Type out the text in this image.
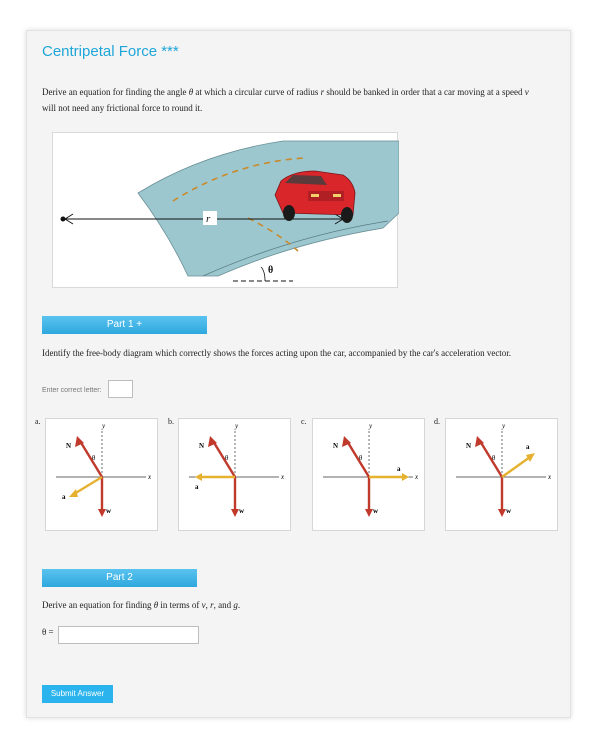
Centripetal Force ***
Derive an equation for finding the angle θ at which a circular curve of radius r should be banked in order that a car moving at a speed v will not need any frictional force to round it.
r
θ
Part 1 +
Identify the free-body diagram which correctly shows the forces acting upon the car, accompanied by the car's acceleration vector.
Enter correct letter:
a.	b.	c.	d.
y
x
N
θ
w
a
y
x
N
θ
w
a
y
x
N
θ
w
a
y
x
N
θ
w
a
Part 2
Derive an equation for finding θ in terms of v, r, and g.
θ =
Submit Answer
